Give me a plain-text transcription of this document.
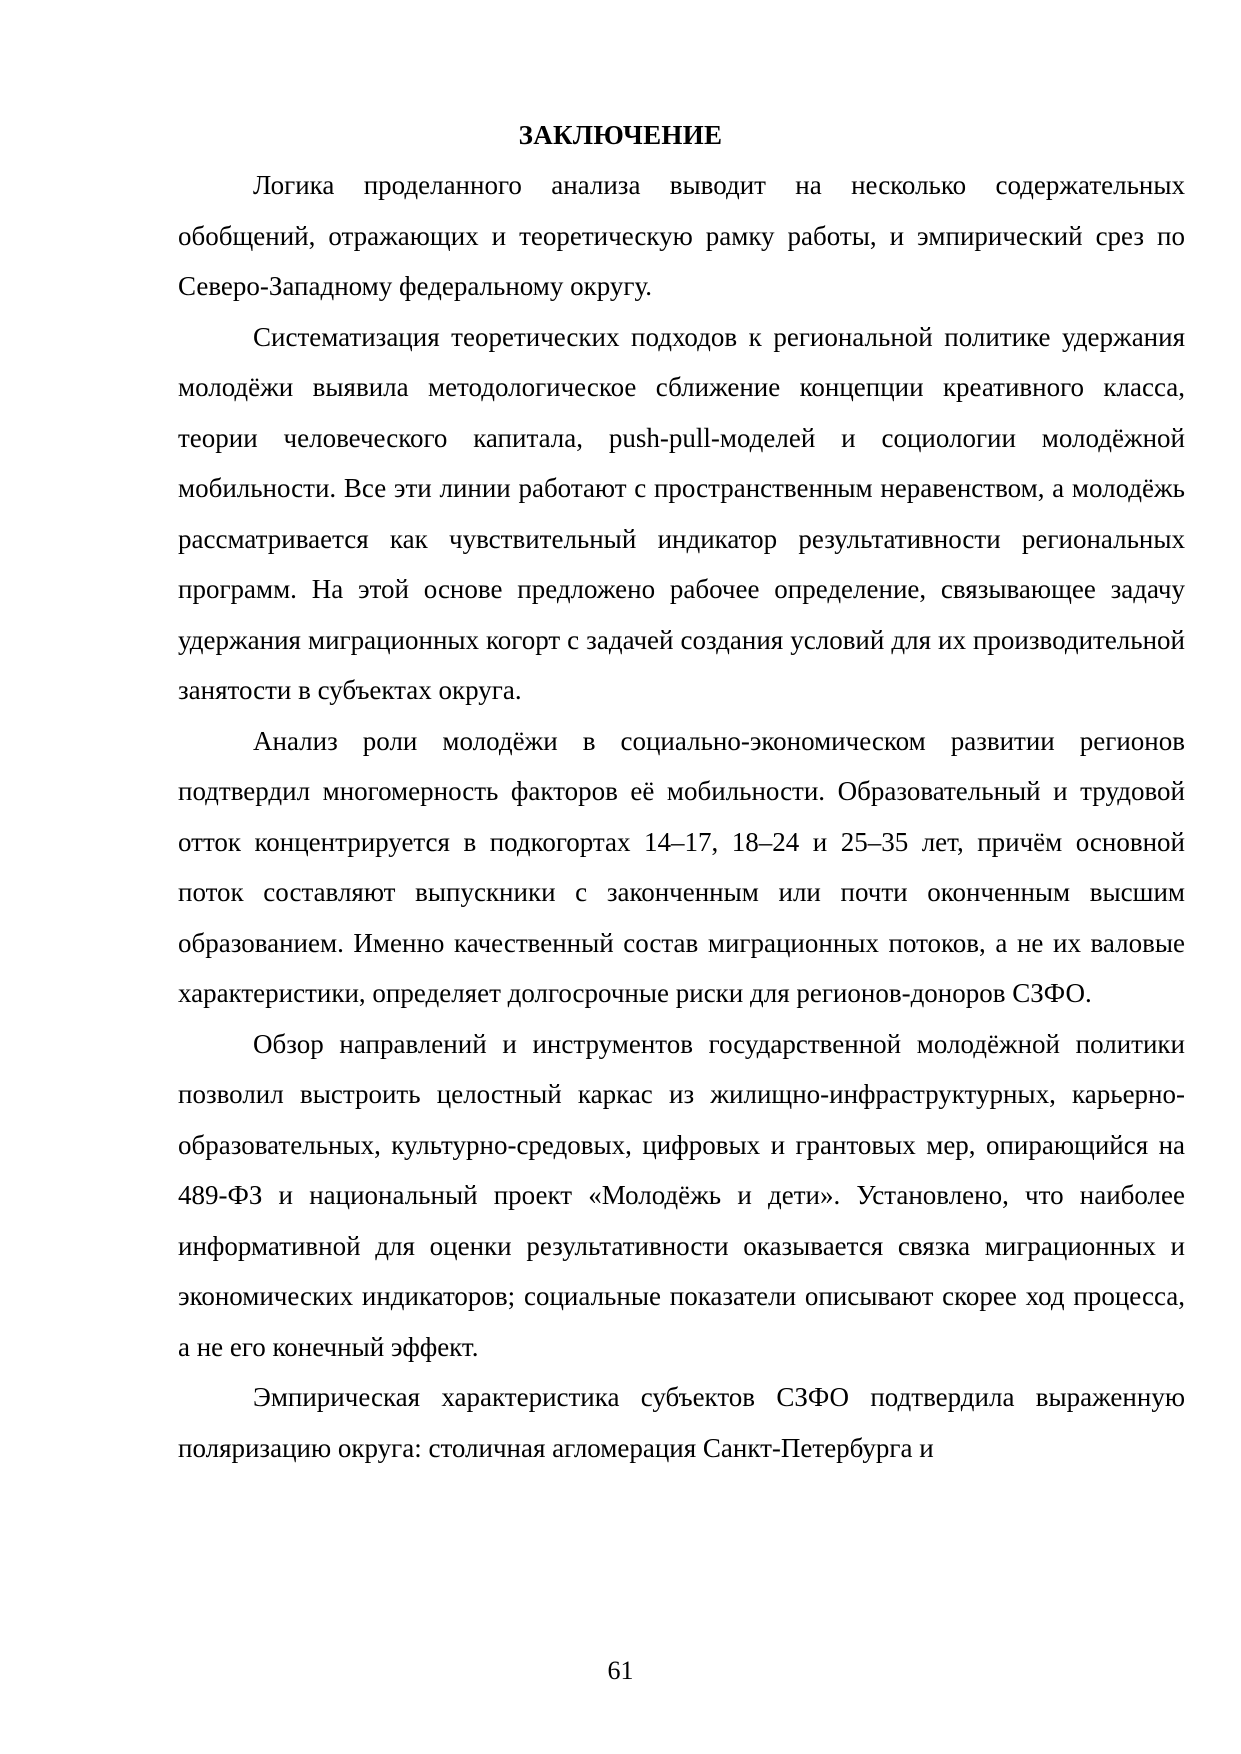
ЗАКЛЮЧЕНИЕ

Логика проделанного анализа выводит на несколько содержательных обобщений, отражающих и теоретическую рамку работы, и эмпирический срез по Северо-Западному федеральному округу.

Систематизация теоретических подходов к региональной политике удержания молодёжи выявила методологическое сближение концепции креативного класса, теории человеческого капитала, push-pull-моделей и социологии молодёжной мобильности. Все эти линии работают с пространственным неравенством, а молодёжь рассматривается как чувствительный индикатор результативности региональных программ. На этой основе предложено рабочее определение, связывающее задачу удержания миграционных когорт с задачей создания условий для их производительной занятости в субъектах округа.

Анализ роли молодёжи в социально-экономическом развитии регионов подтвердил многомерность факторов её мобильности. Образовательный и трудовой отток концентрируется в подкогортах 14–17, 18–24 и 25–35 лет, причём основной поток составляют выпускники с законченным или почти оконченным высшим образованием. Именно качественный состав миграционных потоков, а не их валовые характеристики, определяет долгосрочные риски для регионов-доноров СЗФО.

Обзор направлений и инструментов государственной молодёжной политики позволил выстроить целостный каркас из жилищно-инфраструктурных, карьерно-образовательных, культурно-средовых, цифровых и грантовых мер, опирающийся на 489-ФЗ и национальный проект «Молодёжь и дети». Установлено, что наиболее информативной для оценки результативности оказывается связка миграционных и экономических индикаторов; социальные показатели описывают скорее ход процесса, а не его конечный эффект.

Эмпирическая характеристика субъектов СЗФО подтвердила выраженную поляризацию округа: столичная агломерация Санкт-Петербурга и

61
